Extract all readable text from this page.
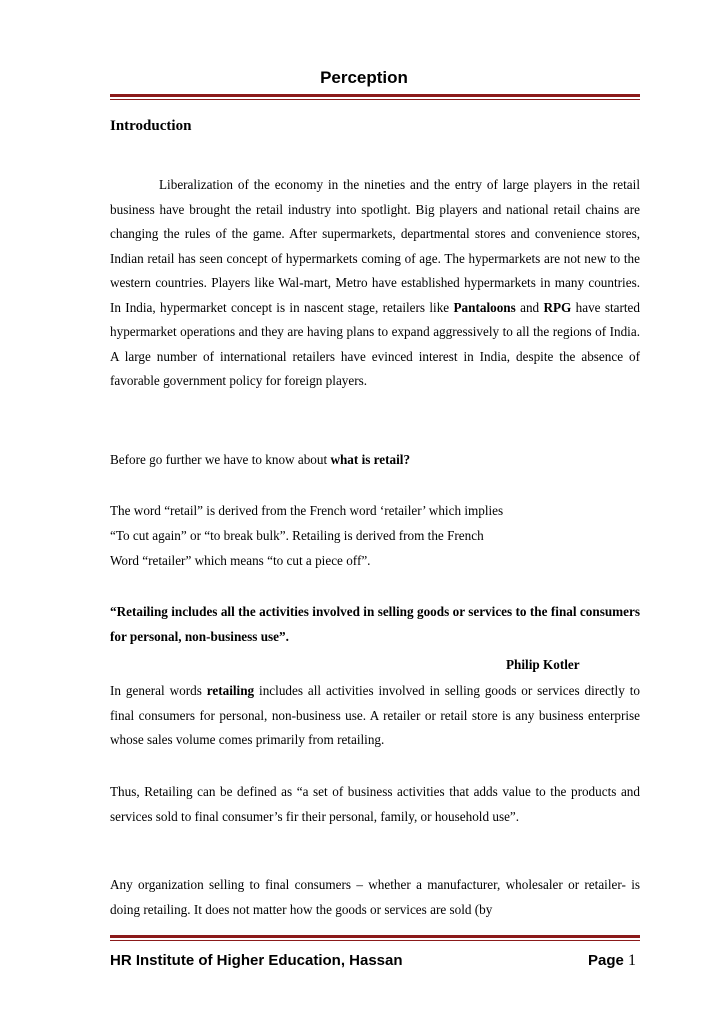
Perception
Introduction

Liberalization of the economy in the nineties and the entry of large players in the retail business have brought the retail industry into spotlight. Big players and national retail chains are changing the rules of the game. After supermarkets, departmental stores and convenience stores, Indian retail has seen concept of hypermarkets coming of age. The hypermarkets are not new to the western countries. Players like Wal-mart, Metro have established hypermarkets in many countries. In India, hypermarket concept is in nascent stage, retailers like Pantaloons and RPG have started hypermarket operations and they are having plans to expand aggressively to all the regions of India. A large number of international retailers have evinced interest in India, despite the absence of favorable government policy for foreign players.

Before go further we have to know about what is retail?
The word “retail” is derived from the French word ‘retailer’ which implies
“To cut again” or “to break bulk”. Retailing is derived from the French
Word “retailer” which means “to cut a piece off”.

“Retailing includes all the activities involved in selling goods or services to the final consumers for personal, non-business use”.

Philip Kotler

In general words retailing includes all activities involved in selling goods or services directly to final consumers for personal, non-business use. A retailer or retail store is any business enterprise whose sales volume comes primarily from retailing.

Thus, Retailing can be defined as “a set of business activities that adds value to the products and services sold to final consumer’s fir their personal, family, or household use”.

Any organization selling to final consumers – whether a manufacturer, wholesaler or retailer- is doing retailing. It does not matter how the goods or services are sold (by

HR Institute of Higher Education, Hassan	Page 1
